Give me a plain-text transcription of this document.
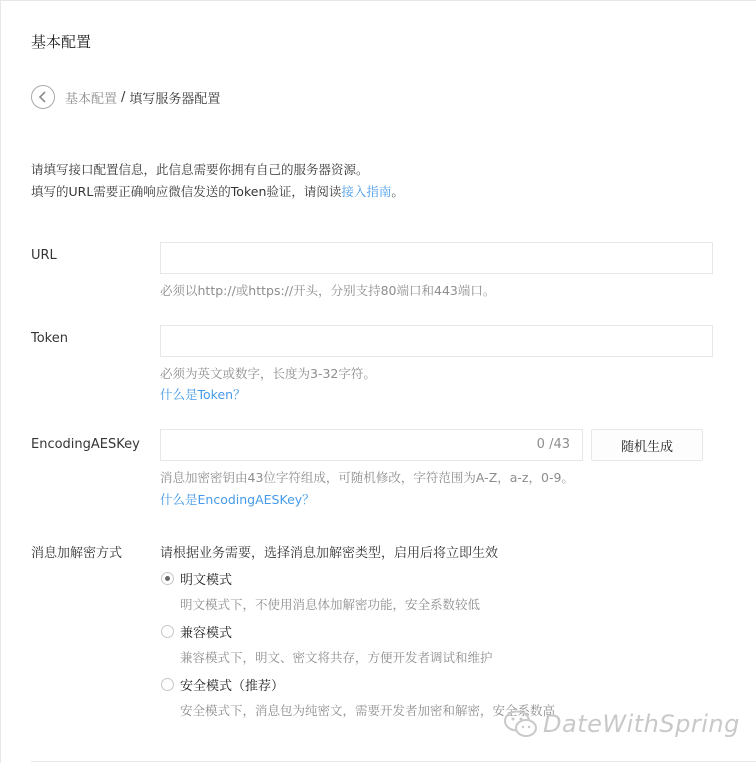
基本配置
基本配置 / 填写服务器配置
请填写接口配置信息，此信息需要你拥有自己的服务器资源。
填写的URL需要正确响应微信发送的Token验证，请阅读接入指南。
URL
必须以http://或https://开头，分别支持80端口和443端口。
Token
必须为英文或数字，长度为3-32字符。
什么是Token？
EncodingAESKey	0 /43	随机生成
消息加密密钥由43位字符组成，可随机修改，字符范围为A-Z，a-z，0-9。
什么是EncodingAESKey？
消息加解密方式	请根据业务需要，选择消息加解密类型，启用后将立即生效
明文模式
明文模式下，不使用消息体加解密功能，安全系数较低
兼容模式
兼容模式下，明文、密文将共存，方便开发者调试和维护
安全模式（推荐）
安全模式下，消息包为纯密文，需要开发者加密和解密，安全系数高
DateWithSpring
